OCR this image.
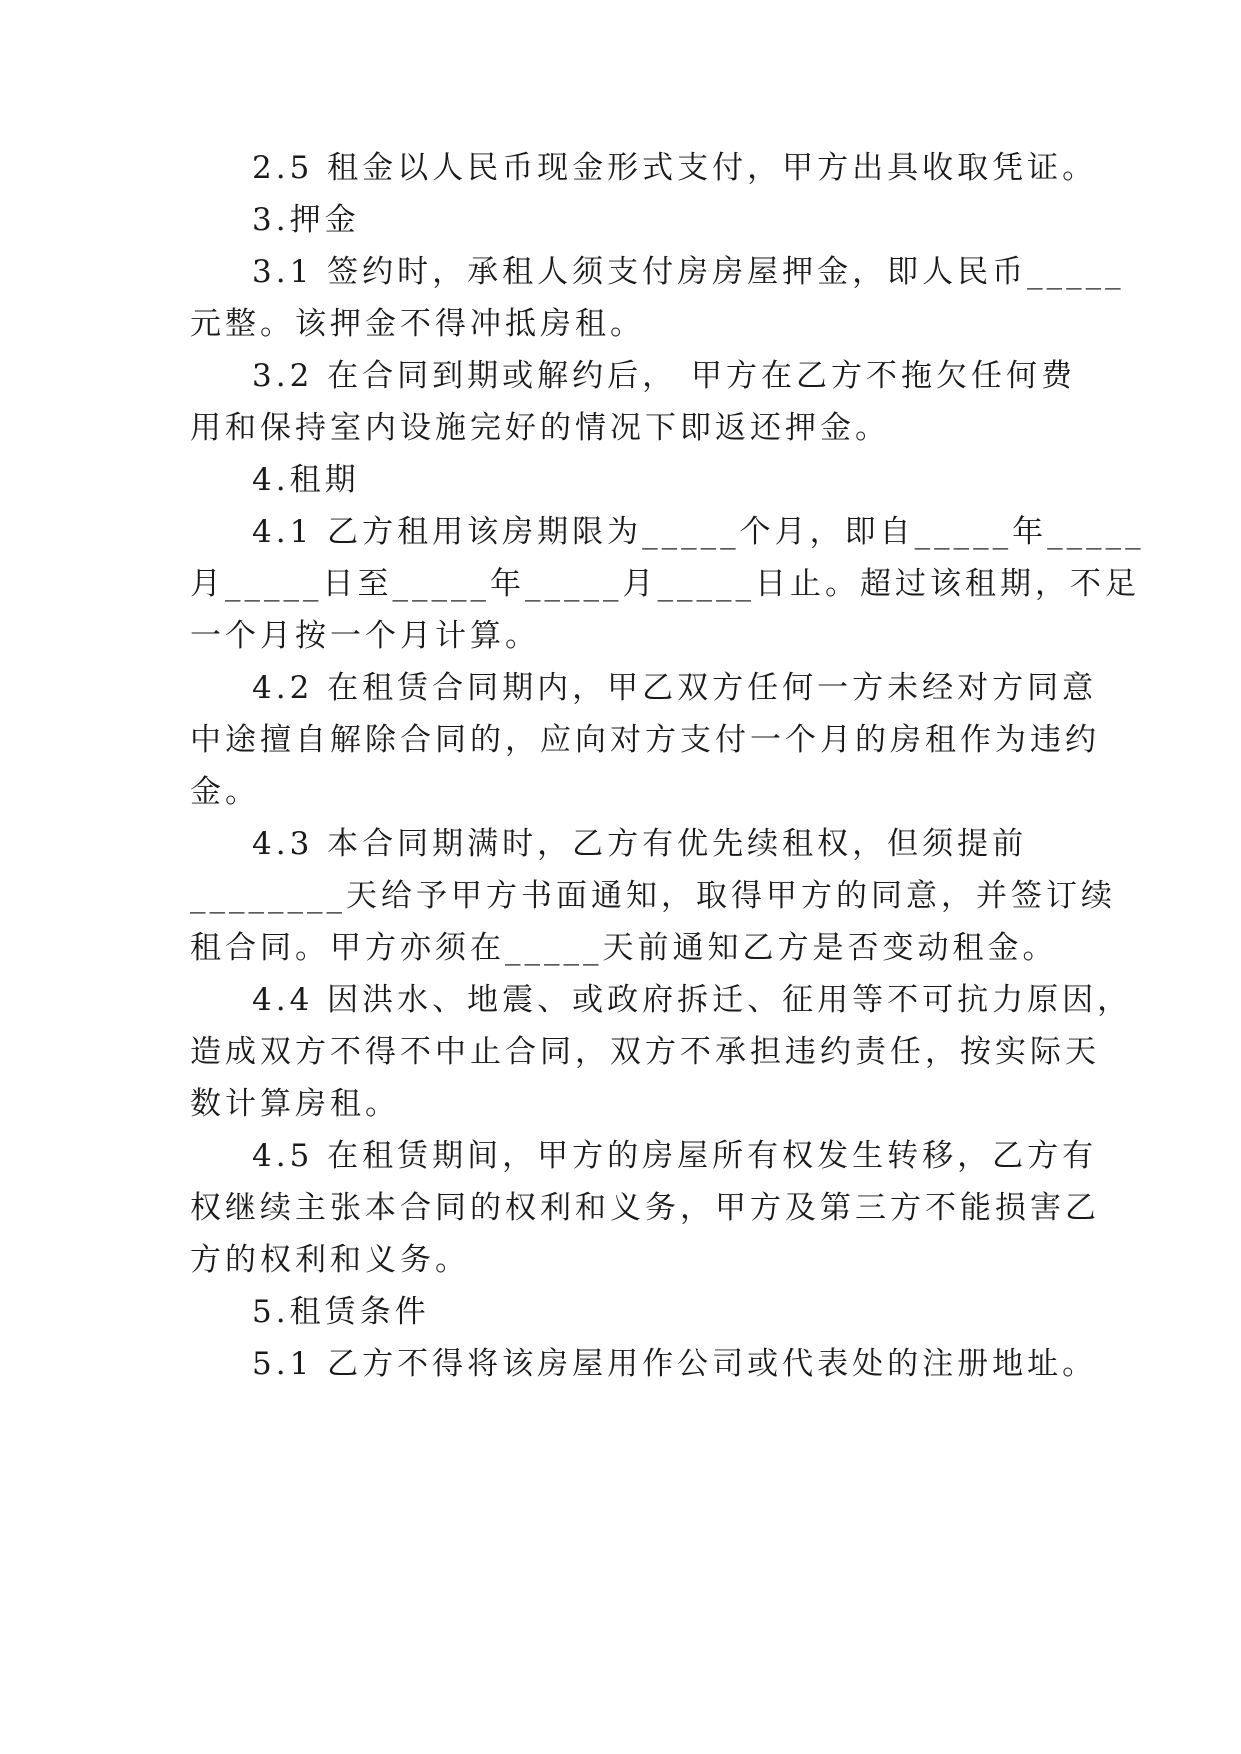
2.5 租金以人民币现金形式支付，甲方出具收取凭证。
3.押金
3.1 签约时，承租人须支付房房屋押金，即人民币_____
元整。该押金不得冲抵房租。
3.2 在合同到期或解约后， 甲方在乙方不拖欠任何费
用和保持室内设施完好的情况下即返还押金。
4.租期
4.1 乙方租用该房期限为_____个月，即自_____年_____
月_____日至_____年_____月_____日止。超过该租期，不足
一个月按一个月计算。
4.2 在租赁合同期内，甲乙双方任何一方未经对方同意
中途擅自解除合同的，应向对方支付一个月的房租作为违约
金。
4.3 本合同期满时，乙方有优先续租权，但须提前
________天给予甲方书面通知，取得甲方的同意，并签订续
租合同。甲方亦须在_____天前通知乙方是否变动租金。
4.4 因洪水、地震、或政府拆迁、征用等不可抗力原因，
造成双方不得不中止合同，双方不承担违约责任，按实际天
数计算房租。
4.5 在租赁期间，甲方的房屋所有权发生转移，乙方有
权继续主张本合同的权利和义务，甲方及第三方不能损害乙
方的权利和义务。
5.租赁条件
5.1 乙方不得将该房屋用作公司或代表处的注册地址。
